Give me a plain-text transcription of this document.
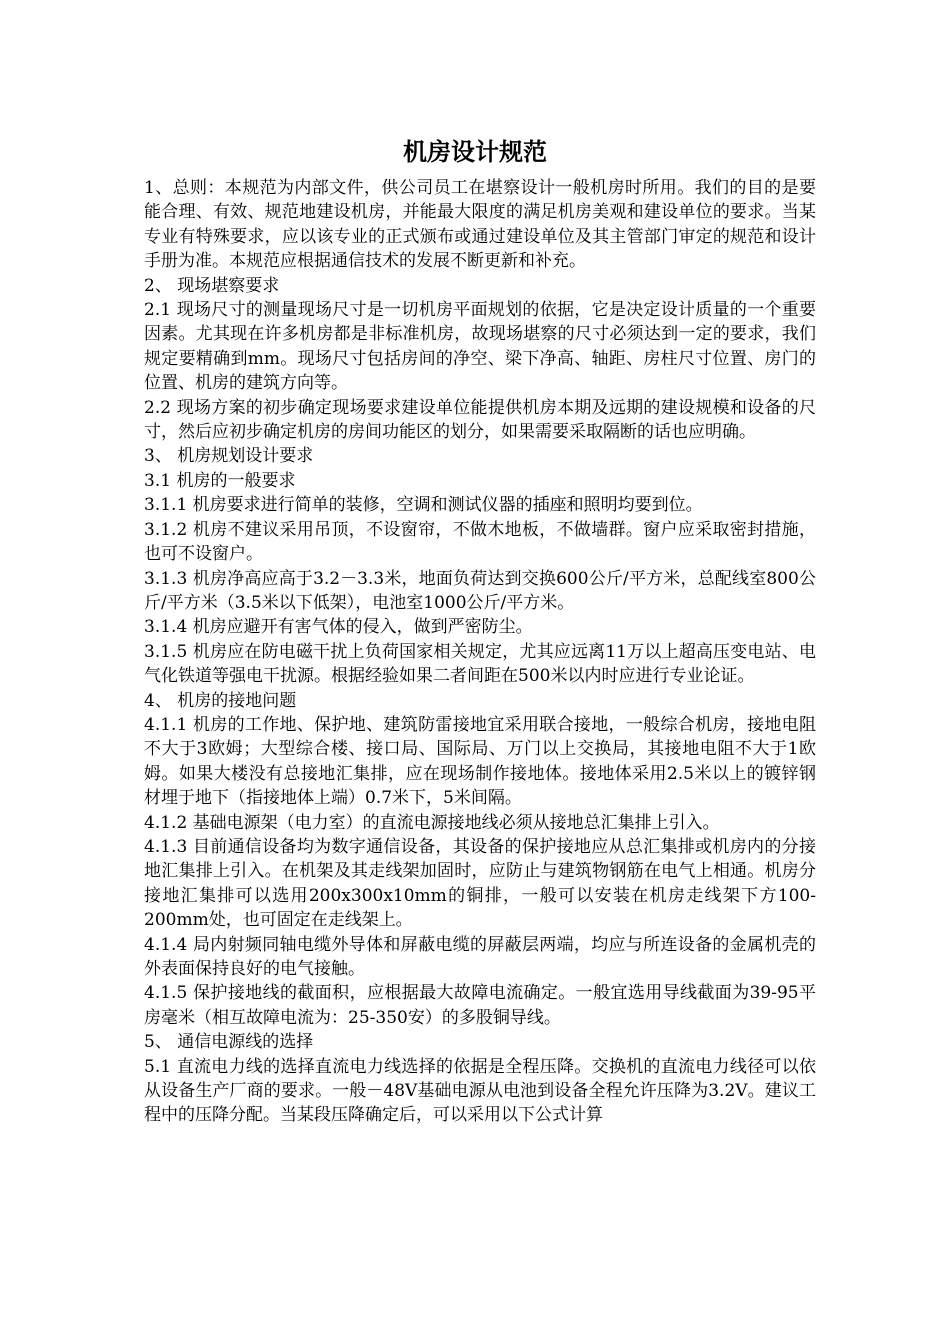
机房设计规范

1、总则：本规范为内部文件，供公司员工在堪察设计一般机房时所用。我们的目的是要能合理、有效、规范地建设机房，并能最大限度的满足机房美观和建设单位的要求。当某专业有特殊要求，应以该专业的正式颁布或通过建设单位及其主管部门审定的规范和设计手册为准。本规范应根据通信技术的发展不断更新和补充。

2、 现场堪察要求

2.1 现场尺寸的测量现场尺寸是一切机房平面规划的依据，它是决定设计质量的一个重要因素。尤其现在许多机房都是非标准机房，故现场堪察的尺寸必须达到一定的要求，我们规定要精确到mm。现场尺寸包括房间的净空、梁下净高、轴距、房柱尺寸位置、房门的位置、机房的建筑方向等。

2.2 现场方案的初步确定现场要求建设单位能提供机房本期及远期的建设规模和设备的尺寸，然后应初步确定机房的房间功能区的划分，如果需要采取隔断的话也应明确。

3、 机房规划设计要求

3.1 机房的一般要求

3.1.1 机房要求进行简单的装修，空调和测试仪器的插座和照明均要到位。

3.1.2 机房不建议采用吊顶，不设窗帘，不做木地板，不做墙群。窗户应采取密封措施，也可不设窗户。

3.1.3 机房净高应高于3.2－3.3米，地面负荷达到交换600公斤/平方米，总配线室800公斤/平方米（3.5米以下低架），电池室1000公斤/平方米。

3.1.4 机房应避开有害气体的侵入，做到严密防尘。

3.1.5 机房应在防电磁干扰上负荷国家相关规定，尤其应远离11万以上超高压变电站、电气化铁道等强电干扰源。根据经验如果二者间距在500米以内时应进行专业论证。

4、 机房的接地问题

4.1.1 机房的工作地、保护地、建筑防雷接地宜采用联合接地，一般综合机房，接地电阻不大于3欧姆；大型综合楼、接口局、国际局、万门以上交换局，其接地电阻不大于1欧姆。如果大楼没有总接地汇集排，应在现场制作接地体。接地体采用2.5米以上的镀锌钢材埋于地下（指接地体上端）0.7米下，5米间隔。

4.1.2 基础电源架（电力室）的直流电源接地线必须从接地总汇集排上引入。

4.1.3 目前通信设备均为数字通信设备，其设备的保护接地应从总汇集排或机房内的分接地汇集排上引入。在机架及其走线架加固时，应防止与建筑物钢筋在电气上相通。机房分接地汇集排可以选用200x300x10mm的铜排，一般可以安装在机房走线架下方100-200mm处，也可固定在走线架上。

4.1.4 局内射频同轴电缆外导体和屏蔽电缆的屏蔽层两端，均应与所连设备的金属机壳的外表面保持良好的电气接触。

4.1.5 保护接地线的截面积，应根据最大故障电流确定。一般宜选用导线截面为39-95平房毫米（相互故障电流为：25-350安）的多股铜导线。

5、 通信电源线的选择

5.1 直流电力线的选择直流电力线选择的依据是全程压降。交换机的直流电力线径可以依从设备生产厂商的要求。一般－48V基础电源从电池到设备全程允许压降为3.2V。建议工程中的压降分配。当某段压降确定后，可以采用以下公式计算
